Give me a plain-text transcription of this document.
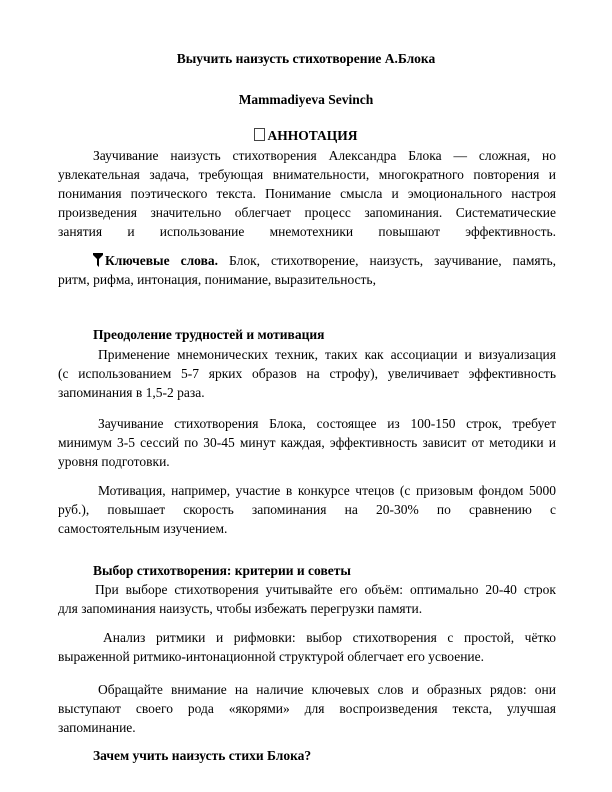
Выучить наизусть стихотворение А.Блока
Mammadiyeva Sevinch
АННОТАЦИЯ
Заучивание наизусть стихотворения Александра Блока — сложная, но
увлекательная задача, требующая внимательности, многократного повторения и
понимания поэтического текста. Понимание смысла и эмоционального настроя
произведения значительно облегчает процесс запоминания. Систематические
занятия и использование мнемотехники повышают эффективность.
Ключевые слова. Блок, стихотворение, наизусть, заучивание, память,
ритм, рифма, интонация, понимание, выразительность,
Преодоление трудностей и мотивация
Применение мнемонических техник, таких как ассоциации и визуализация
(с использованием 5-7 ярких образов на строфу), увеличивает эффективность
запоминания в 1,5-2 раза.
Заучивание стихотворения Блока, состоящее из 100-150 строк, требует
минимум 3-5 сессий по 30-45 минут каждая, эффективность зависит от методики и
уровня подготовки.
Мотивация, например, участие в конкурсе чтецов (с призовым фондом 5000
руб.), повышает скорость запоминания на 20-30% по сравнению с
самостоятельным изучением.
Выбор стихотворения: критерии и советы
При выборе стихотворения учитывайте его объём: оптимально 20-40 строк
для запоминания наизусть, чтобы избежать перегрузки памяти.
Анализ ритмики и рифмовки: выбор стихотворения с простой, чётко
выраженной ритмико-интонационной структурой облегчает его усвоение.
Обращайте внимание на наличие ключевых слов и образных рядов: они
выступают своего рода «якорями» для воспроизведения текста, улучшая
запоминание.
Зачем учить наизусть стихи Блока?
